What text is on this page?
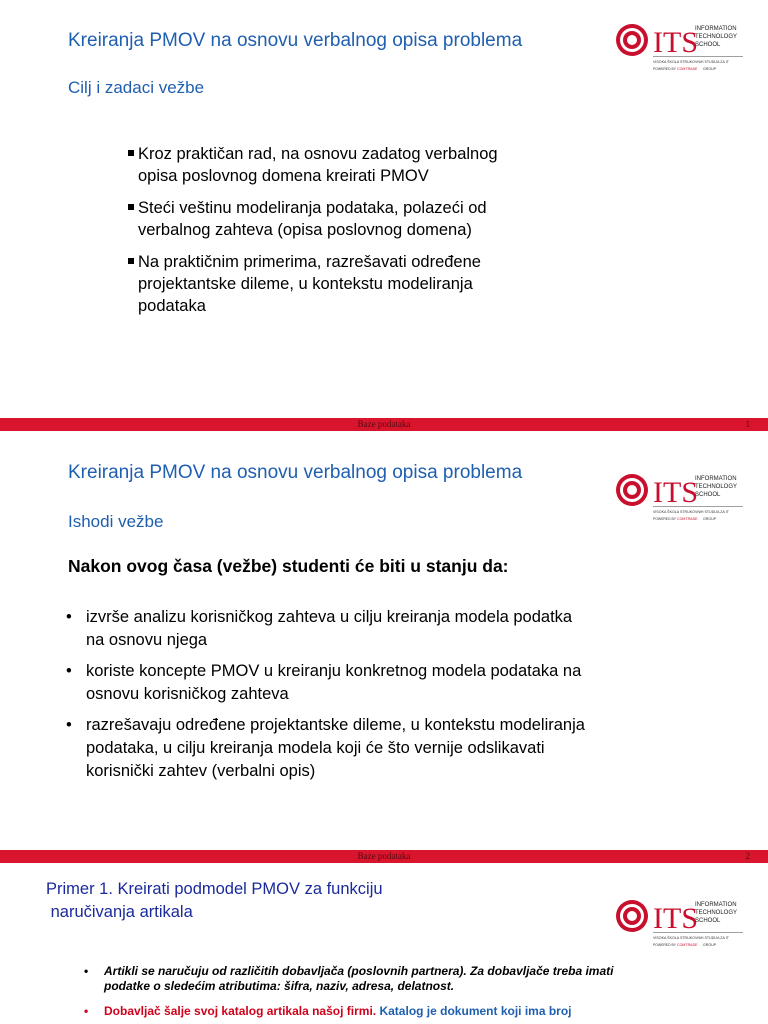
Kreiranja PMOV na osnovu verbalnog opisa problema	ITS
INFORMATION
TECHNOLOGY
SCHOOL
VISOKA ŠKOLA STRUKOVNIH STUDIJA ZA IT
POWERED BY COMTRADE GROUP
Cilj i zadaci vežbe
Kroz praktičan rad, na osnovu zadatog verbalnog
opisa poslovnog domena kreirati PMOV
Steći veštinu modeliranja podataka, polazeći od
verbalnog zahteva (opisa poslovnog domena)
Na praktičnim primerima, razrešavati određene
projektantske dileme, u kontekstu modeliranja
podataka
Baze podataka	1
Kreiranja PMOV na osnovu verbalnog opisa problema
ITS
INFORMATION
TECHNOLOGY
SCHOOL
VISOKA ŠKOLA STRUKOVNIH STUDIJA ZA IT
POWERED BY COMTRADE GROUP
Ishodi vežbe
Nakon ovog časa (vežbe) studenti će biti u stanju da:
• izvrše analizu korisničkog zahteva u cilju kreiranja modela podatka
na osnovu njega
• koriste koncepte PMOV u kreiranju konkretnog modela podataka na
osnovu korisničkog zahteva
• razrešavaju određene projektantske dileme, u kontekstu modeliranja
podataka, u cilju kreiranja modela koji će što vernije odslikavati
korisnički zahtev (verbalni opis)
Baze podataka	2
Primer 1. Kreirati podmodel PMOV za funkciju
naručivanja artikala	ITS
INFORMATION
TECHNOLOGY
SCHOOL
VISOKA ŠKOLA STRUKOVNIH STUDIJA ZA IT
POWERED BY COMTRADE GROUP
• Artikli se naručuju od različitih dobavljača (poslovnih partnera). Za dobavljače treba imati
podatke o sledećim atributima: šifra, naziv, adresa, delatnost.
• Dobavljač šalje svoj katalog artikala našoj firmi. Katalog je dokument koji ima broj
